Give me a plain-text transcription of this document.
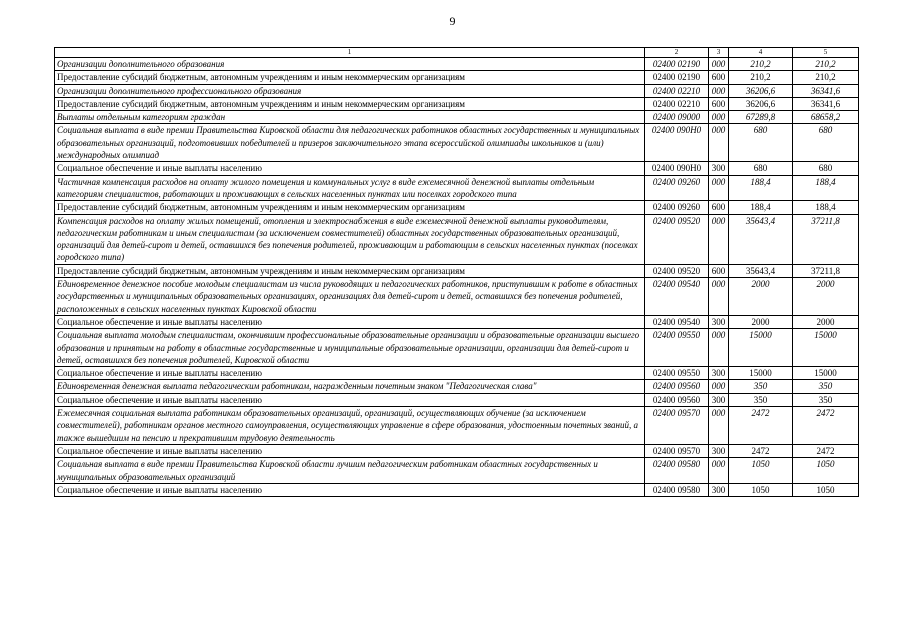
9
1	2	3	4	5
Организации дополнительного образования	02400 02190	000	210,2	210,2
Предоставление субсидий бюджетным, автономным учреждениям и иным некоммерческим организациям	02400 02190	600	210,2	210,2
Организации дополнительного профессионального образования	02400 02210	000	36206,6	36341,6
Предоставление субсидий бюджетным, автономным учреждениям и иным некоммерческим организациям	02400 02210	600	36206,6	36341,6
Выплаты отдельным категориям граждан	02400 09000	000	67289,8	68658,2
Социальная выплата в виде премии Правительства Кировской области для педагогических работников областных государственных и муниципальных образовательных организаций, подготовивших победителей и призеров заключительного этапа всероссийской олимпиады школьников и (или) международных олимпиад	02400 090Н0	000	680	680
Социальное обеспечение и иные выплаты населению	02400 090Н0	300	680	680
Частичная компенсация расходов на оплату жилого помещения и коммунальных услуг в виде ежемесячной денежной выплаты отдельным категориям специалистов, работающих и проживающих в сельских населенных пунктах или поселках городского типа	02400 09260	000	188,4	188,4
Предоставление субсидий бюджетным, автономным учреждениям и иным некоммерческим организациям	02400 09260	600	188,4	188,4
Компенсация расходов на оплату жилых помещений, отопления и электроснабжения в виде ежемесячной денежной выплаты руководителям, педагогическим работникам и иным специалистам (за исключением совместителей) областных государственных образовательных организаций, организаций для детей-сирот и детей, оставшихся без попечения родителей, проживающим и работающим в сельских населенных пунктах (поселках городского типа)	02400 09520	000	35643,4	37211,8
Предоставление субсидий бюджетным, автономным учреждениям и иным некоммерческим организациям	02400 09520	600	35643,4	37211,8
Единовременное денежное пособие молодым специалистам из числа руководящих и педагогических работников, приступившим к работе в областных государственных и муниципальных образовательных организациях, организациях для детей-сирот и детей, оставшихся без попечения родителей, расположенных в сельских населенных пунктах Кировской области	02400 09540	000	2000	2000
Социальное обеспечение и иные выплаты населению	02400 09540	300	2000	2000
Социальная выплата молодым специалистам, окончившим профессиональные образовательные организации и образовательные организации высшего образования и принятым на работу в областные государственные и муниципальные образовательные организации, организации для детей-сирот и детей, оставшихся без попечения родителей, Кировской области	02400 09550	000	15000	15000
Социальное обеспечение и иные выплаты населению	02400 09550	300	15000	15000
Единовременная денежная выплата педагогическим работникам, награжденным почетным знаком "Педагогическая слава"	02400 09560	000	350	350
Социальное обеспечение и иные выплаты населению	02400 09560	300	350	350
Ежемесячная социальная выплата работникам образовательных организаций, организаций, осуществляющих обучение (за исключением совместителей), работникам органов местного самоуправления, осуществляющих управление в сфере образования, удостоенным почетных званий, а также вышедшим на пенсию и прекратившим трудовую деятельность	02400 09570	000	2472	2472
Социальное обеспечение и иные выплаты населению	02400 09570	300	2472	2472
Социальная выплата в виде премии Правительства Кировской области лучшим педагогическим работникам областных государственных и муниципальных образовательных организаций	02400 09580	000	1050	1050
Социальное обеспечение и иные выплаты населению	02400 09580	300	1050	1050
